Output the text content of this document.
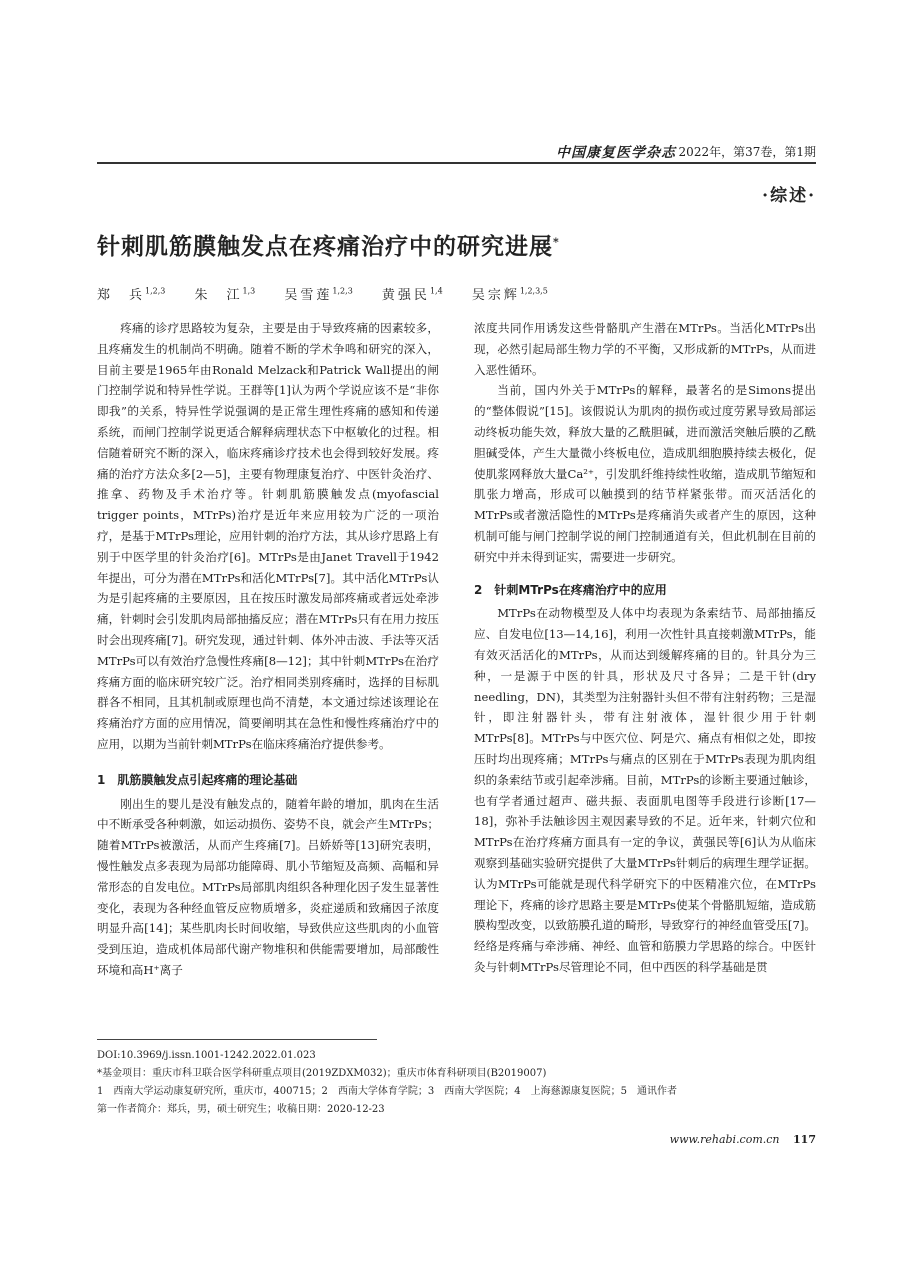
中国康复医学杂志 2022年，第37卷，第1期
·综述·
针刺肌筋膜触发点在疼痛治疗中的研究进展*
郑　兵$^{1,2,3}$ 朱　江$^{1,3}$ 吴雪莲$^{1,2,3}$ 黄强民$^{1,4}$ 吴宗辉$^{1,2,3,5}$

疼痛的诊疗思路较为复杂，主要是由于导致疼痛的因素较多，且疼痛发生的机制尚不明确。随着不断的学术争鸣和研究的深入，目前主要是1965年由Ronald Melzack和Patrick Wall提出的闸门控制学说和特异性学说。王群等[1]认为两个学说应该不是“非你即我”的关系，特异性学说强调的是正常生理性疼痛的感知和传递系统，而闸门控制学说更适合解释病理状态下中枢敏化的过程。相信随着研究不断的深入，临床疼痛诊疗技术也会得到较好发展。疼痛的治疗方法众多[2—5]，主要有物理康复治疗、中医针灸治疗、推拿、药物及手术治疗等。针刺肌筋膜触发点(myofascial trigger points，MTrPs)治疗是近年来应用较为广泛的一项治疗，是基于MTrPs理论，应用针刺的治疗方法，其从诊疗思路上有别于中医学里的针灸治疗[6]。MTrPs是由Janet Travell于1942年提出，可分为潜在MTrPs和活化MTrPs[7]。其中活化MTrPs认为是引起疼痛的主要原因，且在按压时激发局部疼痛或者远处牵涉痛，针刺时会引发肌肉局部抽搐反应；潜在MTrPs只有在用力按压时会出现疼痛[7]。研究发现，通过针刺、体外冲击波、手法等灭活MTrPs可以有效治疗急慢性疼痛[8—12]；其中针刺MTrPs在治疗疼痛方面的临床研究较广泛。治疗相同类别疼痛时，选择的目标肌群各不相同，且其机制或原理也尚不清楚，本文通过综述该理论在疼痛治疗方面的应用情况，简要阐明其在急性和慢性疼痛治疗中的应用，以期为当前针刺MTrPs在临床疼痛治疗提供参考。

1　肌筋膜触发点引起疼痛的理论基础

刚出生的婴儿是没有触发点的，随着年龄的增加，肌肉在生活中不断承受各种刺激，如运动损伤、姿势不良，就会产生MTrPs；随着MTrPs被激活，从而产生疼痛[7]。吕娇娇等[13]研究表明，慢性触发点多表现为局部功能障碍、肌小节缩短及高频、高幅和异常形态的自发电位。MTrPs局部肌肉组织各种理化因子发生显著性变化，表现为各种经血管反应物质增多，炎症递质和致痛因子浓度明显升高[14]；某些肌肉长时间收缩，导致供应这些肌肉的小血管受到压迫，造成机体局部代谢产物堆积和供能需要增加，局部酸性环境和高H⁺离子

浓度共同作用诱发这些骨骼肌产生潜在MTrPs。当活化MTrPs出现，必然引起局部生物力学的不平衡，又形成新的MTrPs，从而进入恶性循环。

当前，国内外关于MTrPs的解释，最著名的是Simons提出的“整体假说”[15]。该假说认为肌肉的损伤或过度劳累导致局部运动终板功能失效，释放大量的乙酰胆碱，进而激活突触后膜的乙酰胆碱受体，产生大量微小终板电位，造成肌细胞膜持续去极化，促使肌浆网释放大量Ca²⁺，引发肌纤维持续性收缩，造成肌节缩短和肌张力增高，形成可以触摸到的结节样紧张带。而灭活活化的MTrPs或者激活隐性的MTrPs是疼痛消失或者产生的原因，这种机制可能与闸门控制学说的闸门控制通道有关，但此机制在目前的研究中并未得到证实，需要进一步研究。

2　针刺MTrPs在疼痛治疗中的应用

MTrPs在动物模型及人体中均表现为条索结节、局部抽搐反应、自发电位[13—14,16]，利用一次性针具直接刺激MTrPs，能有效灭活活化的MTrPs，从而达到缓解疼痛的目的。针具分为三种，一是源于中医的针具，形状及尺寸各异；二是干针(dry needling，DN)，其类型为注射器针头但不带有注射药物；三是湿针，即注射器针头，带有注射液体，湿针很少用于针刺MTrPs[8]。MTrPs与中医穴位、阿是穴、痛点有相似之处，即按压时均出现疼痛；MTrPs与痛点的区别在于MTrPs表现为肌肉组织的条索结节或引起牵涉痛。目前，MTrPs的诊断主要通过触诊，也有学者通过超声、磁共振、表面肌电图等手段进行诊断[17—18]，弥补手法触诊因主观因素导致的不足。近年来，针刺穴位和MTrPs在治疗疼痛方面具有一定的争议，黄强民等[6]认为从临床观察到基础实验研究提供了大量MTrPs针刺后的病理生理学证据。认为MTrPs可能就是现代科学研究下的中医精准穴位，在MTrPs理论下，疼痛的诊疗思路主要是MTrPs使某个骨骼肌短缩，造成筋膜构型改变，以致筋膜孔道的畸形，导致穿行的神经血管受压[7]。经络是疼痛与牵涉痛、神经、血管和筋膜力学思路的综合。中医针灸与针刺MTrPs尽管理论不同，但中西医的科学基础是贯

DOI:10.3969/j.issn.1001-1242.2022.01.023
*基金项目：重庆市科卫联合医学科研重点项目(2019ZDXM032)；重庆市体育科研项目(B2019007)
1　西南大学运动康复研究所，重庆市，400715；2　西南大学体育学院；3　西南大学医院；4　上海慈源康复医院；5　通讯作者
第一作者简介：郑兵，男，硕士研究生；收稿日期：2020-12-23
www.rehabi.com.cn 117
